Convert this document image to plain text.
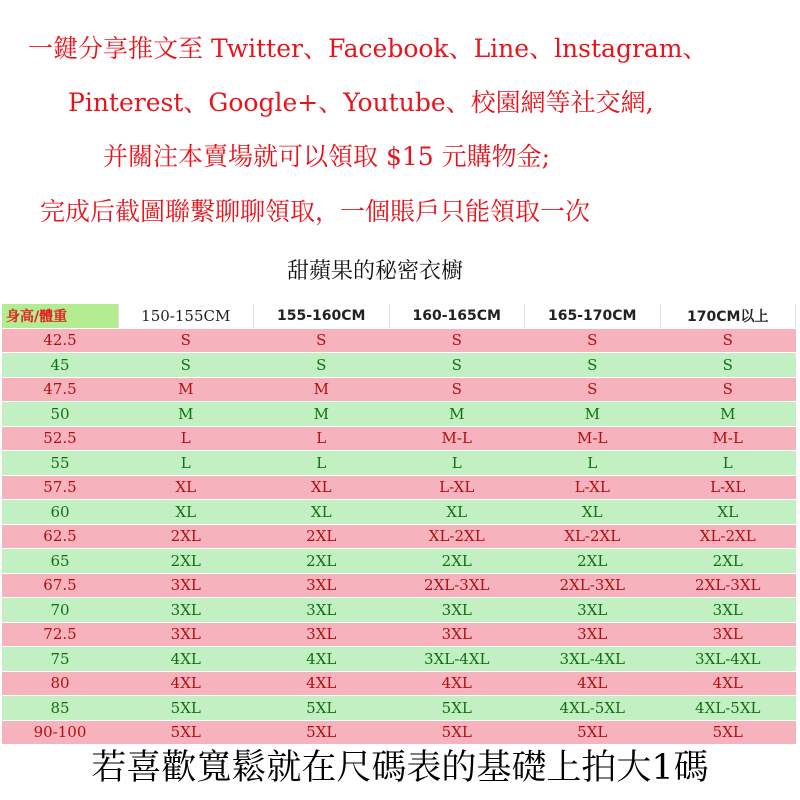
一鍵分享推文至 Twitter、Facebook、Line、lnstagram、
Pinterest、Google+、Youtube、校園網等社交網,
并關注本賣場就可以領取 $15 元購物金;
完成后截圖聯繫聊聊領取，一個賬戶只能領取一次
甜蘋果的秘密衣櫥
身高/體重	150-155CM	155-160CM	160-165CM	165-170CM	170CM以上
42.5	S	S	S	S	S
45	S	S	S	S	S
47.5	M	M	S	S	S
50	M	M	M	M	M
52.5	L	L	M-L	M-L	M-L
55	L	L	L	L	L
57.5	XL	XL	L-XL	L-XL	L-XL
60	XL	XL	XL	XL	XL
62.5	2XL	2XL	XL-2XL	XL-2XL	XL-2XL
65	2XL	2XL	2XL	2XL	2XL
67.5	3XL	3XL	2XL-3XL	2XL-3XL	2XL-3XL
70	3XL	3XL	3XL	3XL	3XL
72.5	3XL	3XL	3XL	3XL	3XL
75	4XL	4XL	3XL-4XL	3XL-4XL	3XL-4XL
80	4XL	4XL	4XL	4XL	4XL
85	5XL	5XL	5XL	4XL-5XL	4XL-5XL
90-100	5XL	5XL	5XL	5XL	5XL
若喜歡寬鬆就在尺碼表的基礎上拍大1碼
